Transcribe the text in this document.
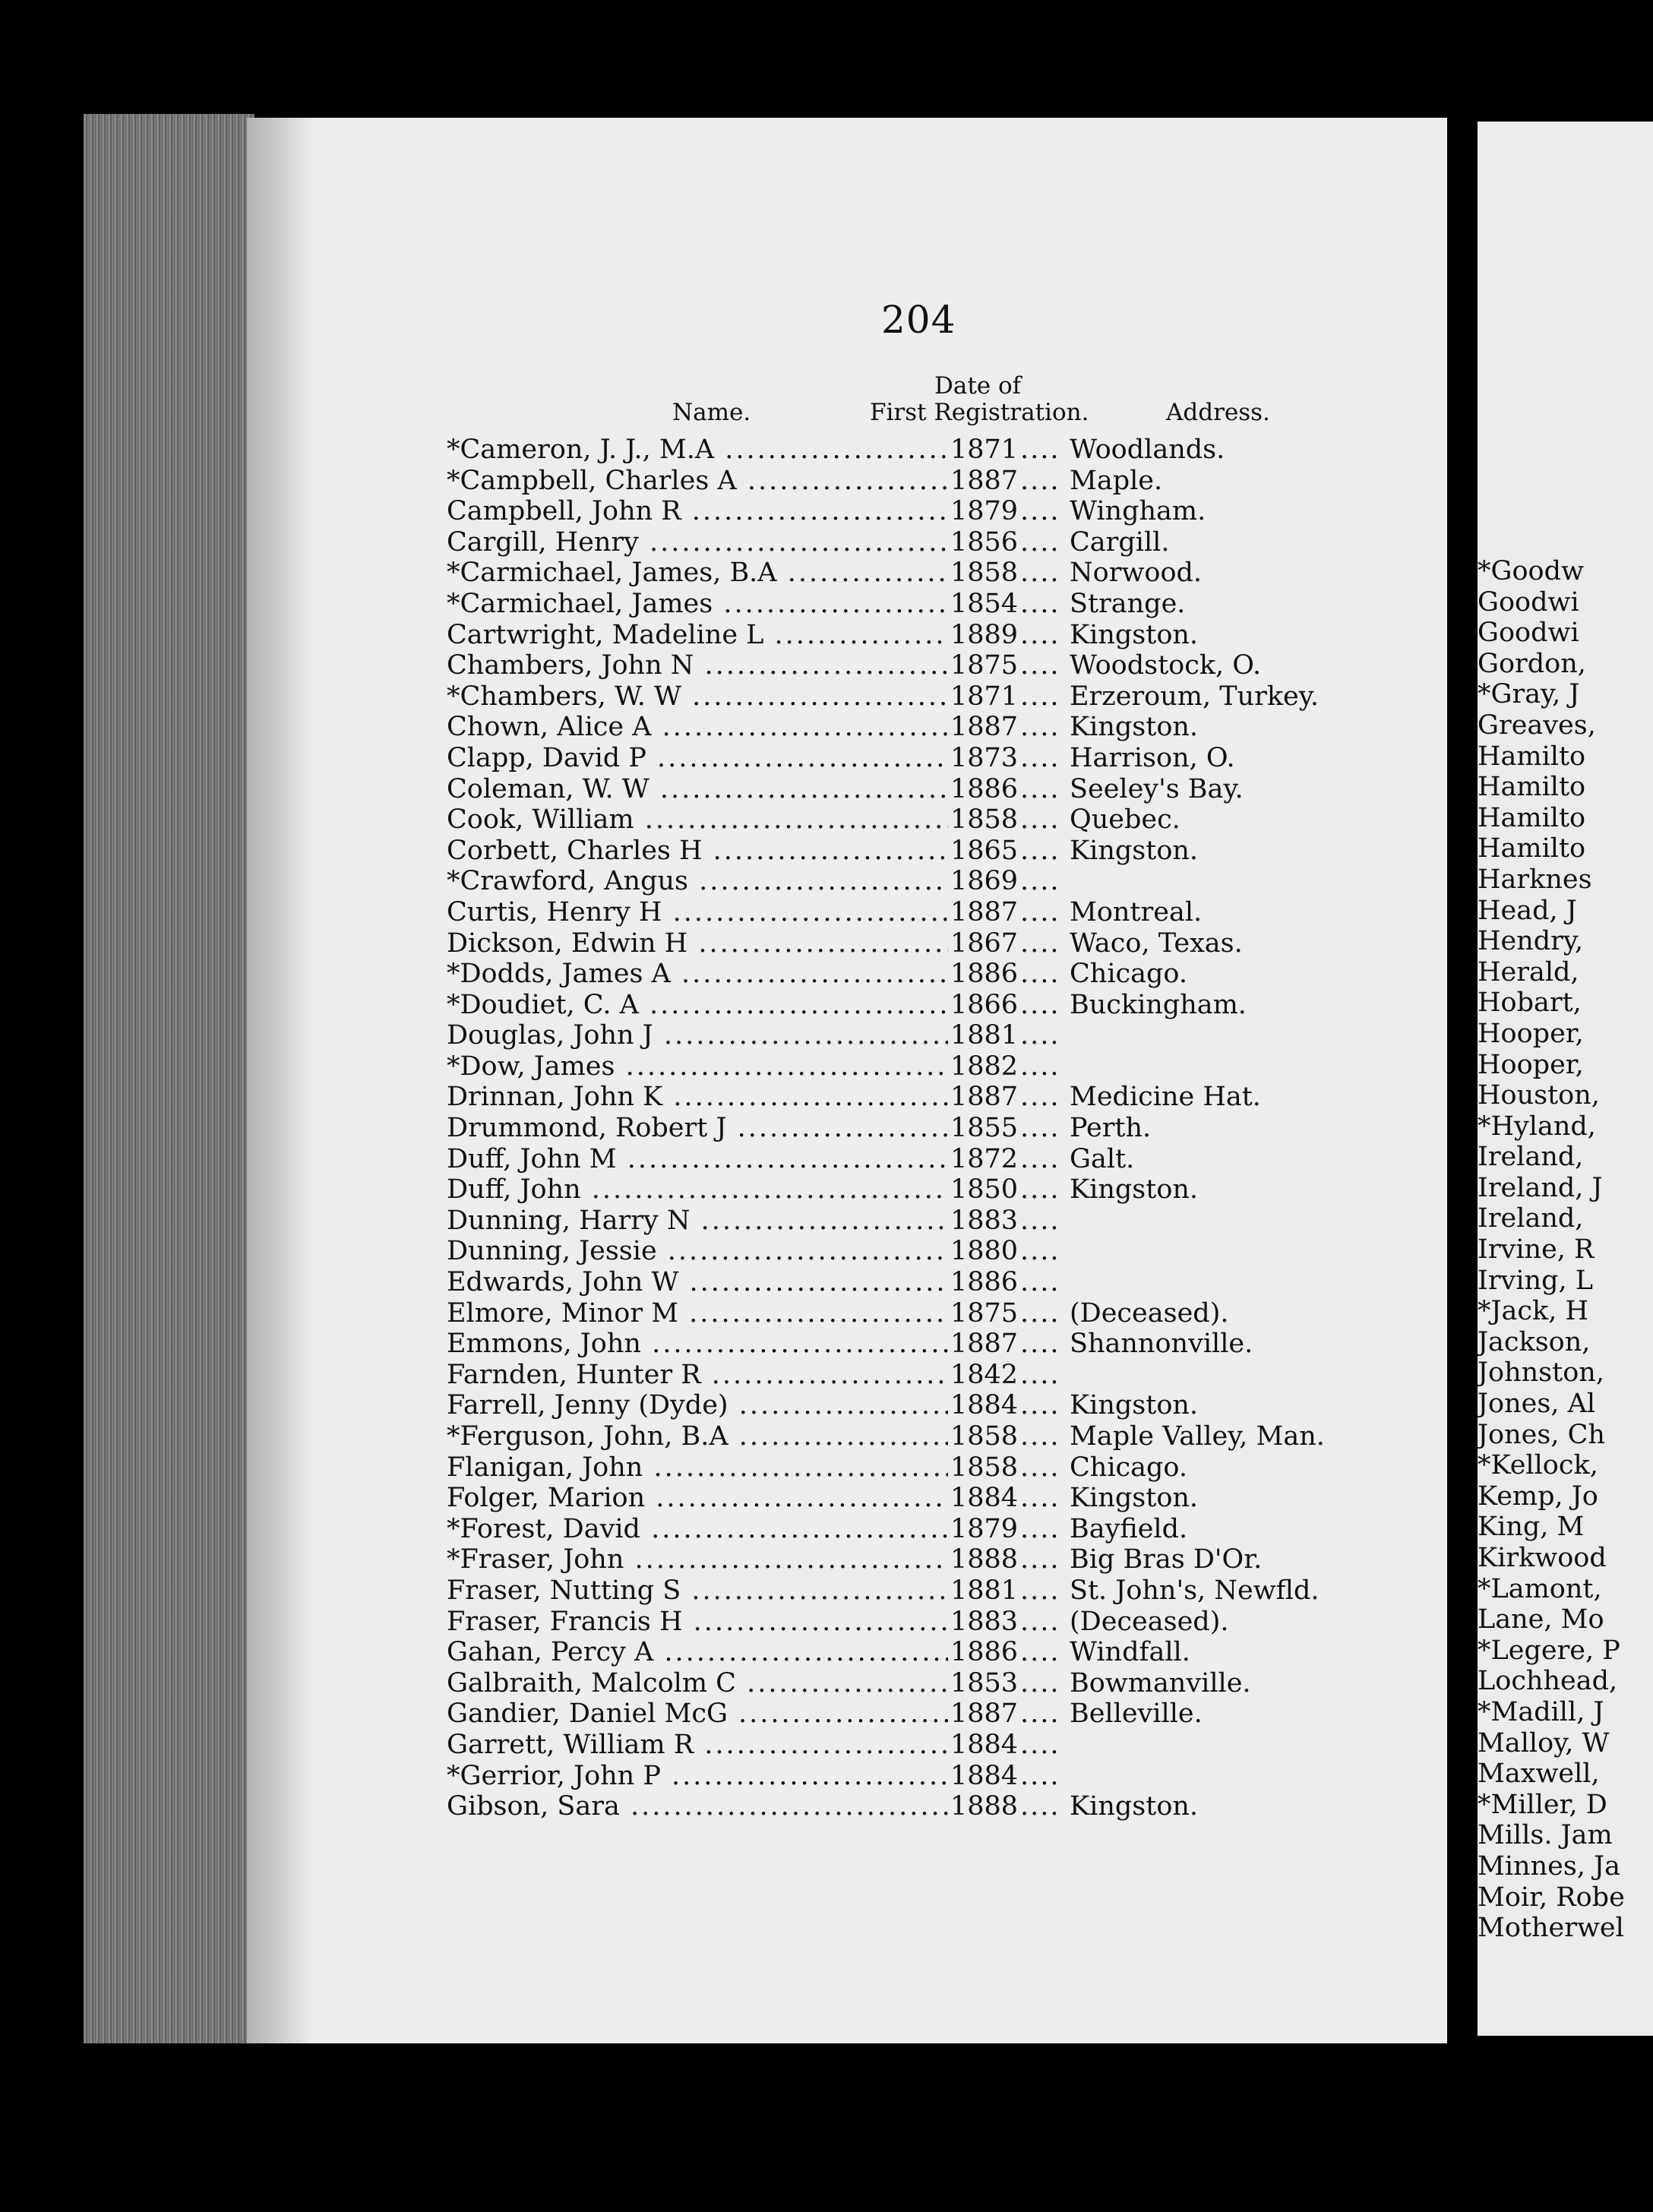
*Goodw
Goodwi
Goodwi
Gordon,
*Gray, J
Greaves,
Hamilto
Hamilto
Hamilto
Hamilto
Harknes
Head, J
Hendry,
Herald,
Hobart,
Hooper,
Hooper,
Houston,
*Hyland,
Ireland,
Ireland, J
Ireland,
Irvine, R
Irving, L
*Jack, H
Jackson,
Johnston,
Jones, Al
Jones, Ch
*Kellock,
Kemp, Jo
King, M
Kirkwood
*Lamont,
Lane, Mo
*Legere, P
Lochhead,
*Madill, J
Malloy, W
Maxwell,
*Miller, D
Mills. Jam
Minnes, Ja
Moir, Robe
Motherwel
204
Date of
First Registration.
Name.	Address.
*Cameron, J. J., M.A .....	1871 .... Woodlands.
*Campbell, Charles A .....	1887 .... Maple.
Campbell, John R .....	1879 .... Wingham.
Cargill, Henry .....	1856 .... Cargill.
*Carmichael, James, B.A .....	1858 .... Norwood.
*Carmichael, James .....	1854 .... Strange.
Cartwright, Madeline L .....	1889 .... Kingston.
Chambers, John N .....	1875 .... Woodstock, O.
*Chambers, W. W .....	1871 .... Erzeroum, Turkey.
Chown, Alice A .....	1887 .... Kingston.
Clapp, David P .....	1873 .... Harrison, O.
Coleman, W. W .....	1886 .... Seeley's Bay.
Cook, William .....	1858 .... Quebec.
Corbett, Charles H .....	1865 .... Kingston.
*Crawford, Angus .....	1869 ....
Curtis, Henry H .....	1887 .... Montreal.
Dickson, Edwin H .....	1867 .... Waco, Texas.
*Dodds, James A .....	1886 .... Chicago.
*Doudiet, C. A .....	1866 .... Buckingham.
Douglas, John J .....	1881 ....
*Dow, James .....	1882 ....
Drinnan, John K .....	1887 .... Medicine Hat.
Drummond, Robert J .....	1855 .... Perth.
Duff, John M .....	1872 .... Galt.
Duff, John .....	1850 .... Kingston.
Dunning, Harry N .....	1883 ....
Dunning, Jessie .....	1880 ....
Edwards, John W .....	1886 ....
Elmore, Minor M .....	1875 .... (Deceased).
Emmons, John .....	1887 .... Shannonville.
Farnden, Hunter R .....	1842 ....
Farrell, Jenny (Dyde) .....	1884 .... Kingston.
*Ferguson, John, B.A .....	1858 .... Maple Valley, Man.
Flanigan, John .....	1858 .... Chicago.
Folger, Marion .....	1884 .... Kingston.
*Forest, David .....	1879 .... Bayfield.
*Fraser, John .....	1888 .... Big Bras D'Or.
Fraser, Nutting S .....	1881 .... St. John's, Newfld.
Fraser, Francis H .....	1883 .... (Deceased).
Gahan, Percy A .....	1886 .... Windfall.
Galbraith, Malcolm C .....	1853 .... Bowmanville.
Gandier, Daniel McG .....	1887 .... Belleville.
Garrett, William R .....	1884 ....
*Gerrior, John P .....	1884 ....
Gibson, Sara .....	1888 .... Kingston.
